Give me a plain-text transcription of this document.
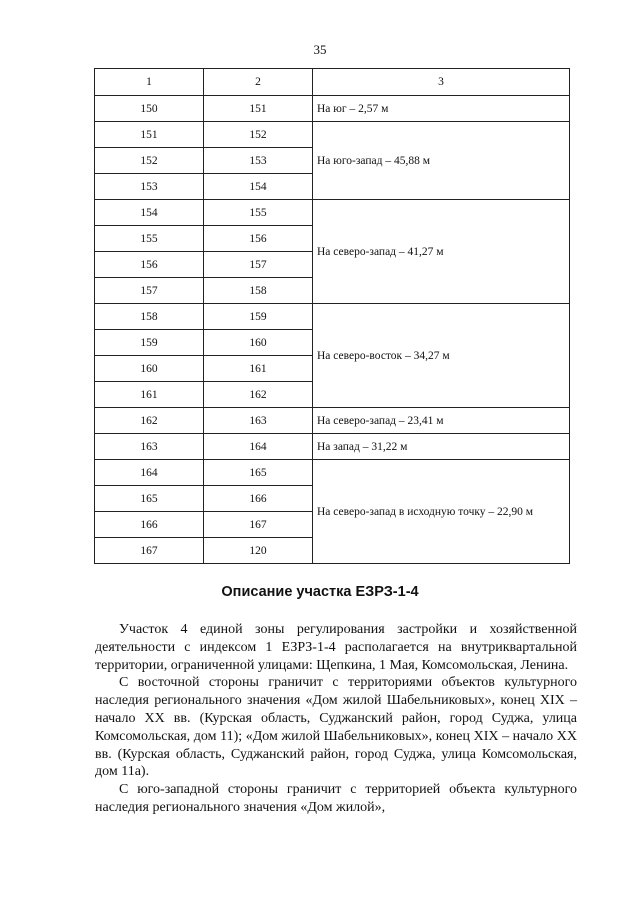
35
1	2	3
150	151	На юг – 2,57 м
151	152	На юго-запад – 45,88 м
152	153	
153	154	
154	155	На северо-запад – 41,27 м
155	156	
156	157	
157	158	
158	159	На северо-восток – 34,27 м
159	160	
160	161	
161	162	
162	163	На северо-запад – 23,41 м
163	164	На запад – 31,22 м
164	165	На северо-запад в исходную точку – 22,90 м
165	166	
166	167	
167	120	
Описание участка ЕЗРЗ-1-4

Участок 4 единой зоны регулирования застройки и хозяйственной деятельности с индексом 1 ЕЗРЗ-1-4 располагается на внутриквартальной территории, ограниченной улицами: Щепкина, 1 Мая, Комсомольская, Ленина.

С восточной стороны граничит с территориями объектов культурного наследия регионального значения «Дом жилой Шабельниковых», конец XIX – начало XX вв. (Курская область, Суджанский район, город Суджа, улица Комсомольская, дом 11); «Дом жилой Шабельниковых», конец XIX – начало XX вв. (Курская область, Суджанский район, город Суджа, улица Комсомольская, дом 11а).

С юго-западной стороны граничит с территорией объекта культурного наследия регионального значения «Дом жилой»,
